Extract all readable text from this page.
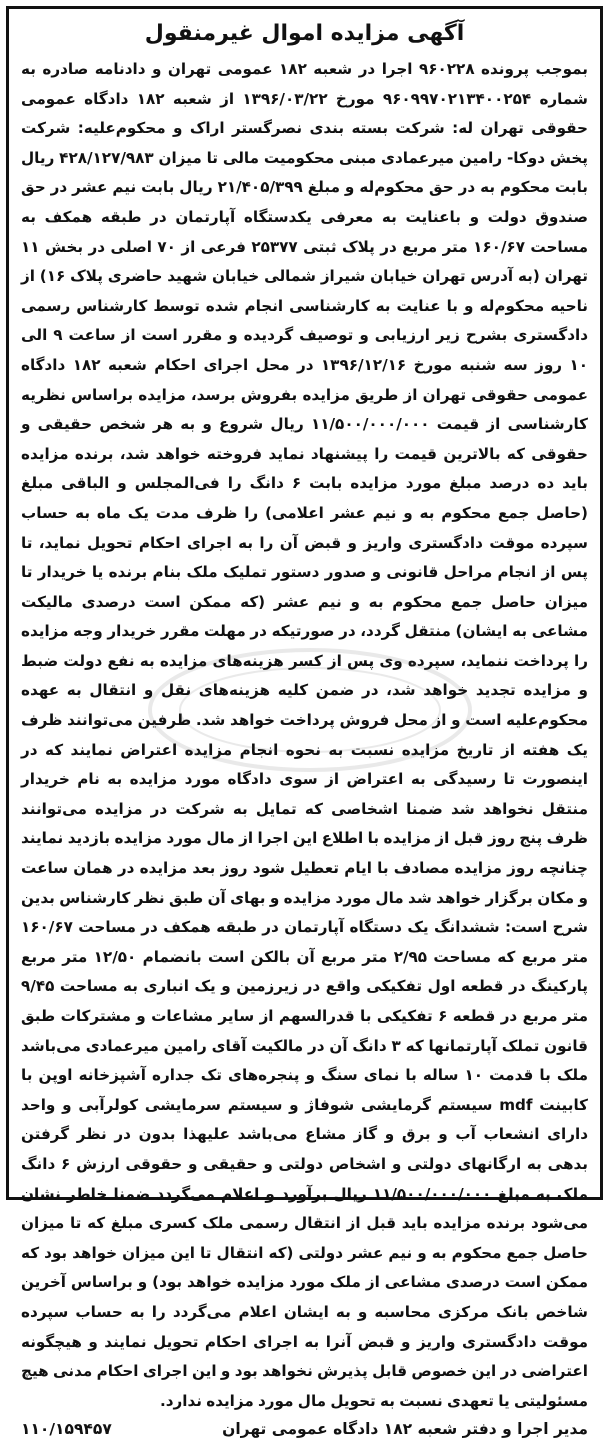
آگهی مزایده اموال غیرمنقول
بموجب پرونده ۹۶۰۲۲۸ اجرا در شعبه ۱۸۲ عمومی تهران و دادنامه صادره به شماره ۹۶۰۹۹۷۰۲۱۳۴۰۰۲۵۴ مورخ ۱۳۹۶/۰۳/۲۲ از شعبه ۱۸۲ دادگاه عمومی حقوقی تهران له: شرکت بسته بندی نصرگستر اراک و محکوم‌علیه: شرکت پخش دوکا- رامین میرعمادی مبنی محکومیت مالی تا میزان ۴۲۸/۱۲۷/۹۸۳ ریال بابت محکوم به در حق محکوم‌له و مبلغ ۲۱/۴۰۵/۳۹۹ ریال بابت نیم عشر در حق صندوق دولت و باعنایت به معرفی یکدستگاه آپارتمان در طبقه همکف به مساحت ۱۶۰/۶۷ متر مربع در پلاک ثبتی ۲۵۳۷۷ فرعی از ۷۰ اصلی در بخش ۱۱ تهران (به آدرس تهران خیابان شیراز شمالی خیابان شهید حاضری پلاک ۱۶) از ناحیه محکوم‌له و با عنایت به کارشناسی انجام شده توسط کارشناس رسمی دادگستری بشرح زیر ارزیابی و توصیف گردیده و مقرر است از ساعت ۹ الی ۱۰ روز سه شنبه مورخ ۱۳۹۶/۱۲/۱۶ در محل اجرای احکام شعبه ۱۸۲ دادگاه عمومی حقوقی تهران از طریق مزایده بفروش برسد، مزایده براساس نظریه کارشناسی از قیمت ۱۱/۵۰۰/۰۰۰/۰۰۰ ریال شروع و به هر شخص حقیقی و حقوقی که بالاترین قیمت را پیشنهاد نماید فروخته خواهد شد، برنده مزایده باید ده درصد مبلغ مورد مزایده بابت ۶ دانگ را فی‌المجلس و الباقی مبلغ (حاصل جمع محکوم به و نیم عشر اعلامی) را ظرف مدت یک ماه به حساب سپرده موقت دادگستری واریز و قبض آن را به اجرای احکام تحویل نماید، تا پس از انجام مراحل قانونی و صدور دستور تملیک ملک بنام برنده یا خریدار تا میزان حاصل جمع محکوم به و نیم عشر (که ممکن است درصدی مالیکت مشاعی به ایشان) منتقل گردد، در صورتیکه در مهلت مقرر خریدار وجه مزایده را پرداخت ننماید، سپرده وی پس از کسر هزینه‌های مزایده به نفع دولت ضبط و مزایده تجدید خواهد شد، در ضمن کلیه هزینه‌های نقل و انتقال به عهده محکوم‌علیه است و از محل فروش پرداخت خواهد شد. طرفین می‌توانند ظرف یک هفته از تاریخ مزایده نسبت به نحوه انجام مزایده اعتراض نمایند که در اینصورت تا رسیدگی به اعتراض از سوی دادگاه مورد مزایده به نام خریدار منتقل نخواهد شد ضمنا اشخاصی که تمایل به شرکت در مزایده می‌توانند ظرف پنج روز قبل از مزایده با اطلاع این اجرا از مال مورد مزایده بازدید نمایند چنانچه روز مزایده مصادف با ایام تعطیل شود روز بعد مزایده در همان ساعت و مکان برگزار خواهد شد مال مورد مزایده و بهای آن طبق نظر کارشناس بدین شرح است: ششدانگ یک دستگاه آپارتمان در طبقه همکف در مساحت ۱۶۰/۶۷ متر مربع که مساحت ۲/۹۵ متر مربع آن بالکن است بانضمام ۱۲/۵۰ متر مربع پارکینگ در قطعه اول تفکیکی واقع در زیرزمین و یک انباری به مساحت ۹/۴۵ متر مربع در قطعه ۶ تفکیکی با قدرالسهم از سایر مشاعات و مشترکات طبق قانون تملک آپارتمانها که ۳ دانگ آن در مالکیت آقای رامین میرعمادی می‌باشد ملک با قدمت ۱۰ ساله با نمای سنگ و پنجره‌های تک جداره آشپزخانه اوپن با کابینت mdf سیستم گرمایشی شوفاژ و سیستم سرمایشی کولرآبی و واحد دارای انشعاب آب و برق و گاز مشاع می‌باشد علیهذا بدون در نظر گرفتن بدهی به ارگانهای دولتی و اشخاص دولتی و حقیقی و حقوقی ارزش ۶ دانگ ملک به مبلغ ۱۱/۵۰۰/۰۰۰/۰۰۰ ریال برآورد و اعلام می‌گردد ضمنا خاطر نشان می‌شود برنده مزایده باید قبل از انتقال رسمی ملک کسری مبلغ که تا میزان حاصل جمع محکوم به و نیم عشر دولتی (که انتقال تا این میزان خواهد بود که ممکن است درصدی مشاعی از ملک مورد مزایده خواهد بود) و براساس آخرین شاخص بانک مرکزی محاسبه و به ایشان اعلام می‌گردد را به حساب سپرده موقت دادگستری واریز و قبض آنرا به اجرای احکام تحویل نمایند و هیچگونه اعتراضی در این خصوص قابل پذیرش نخواهد بود و این اجرای احکام مدنی هیچ مسئولیتی یا تعهدی نسبت به تحویل مال مورد مزایده ندارد.
مدیر اجرا و دفتر شعبه ۱۸۲ دادگاه عمومی تهران
۱۱۰/۱۵۹۴۵۷
